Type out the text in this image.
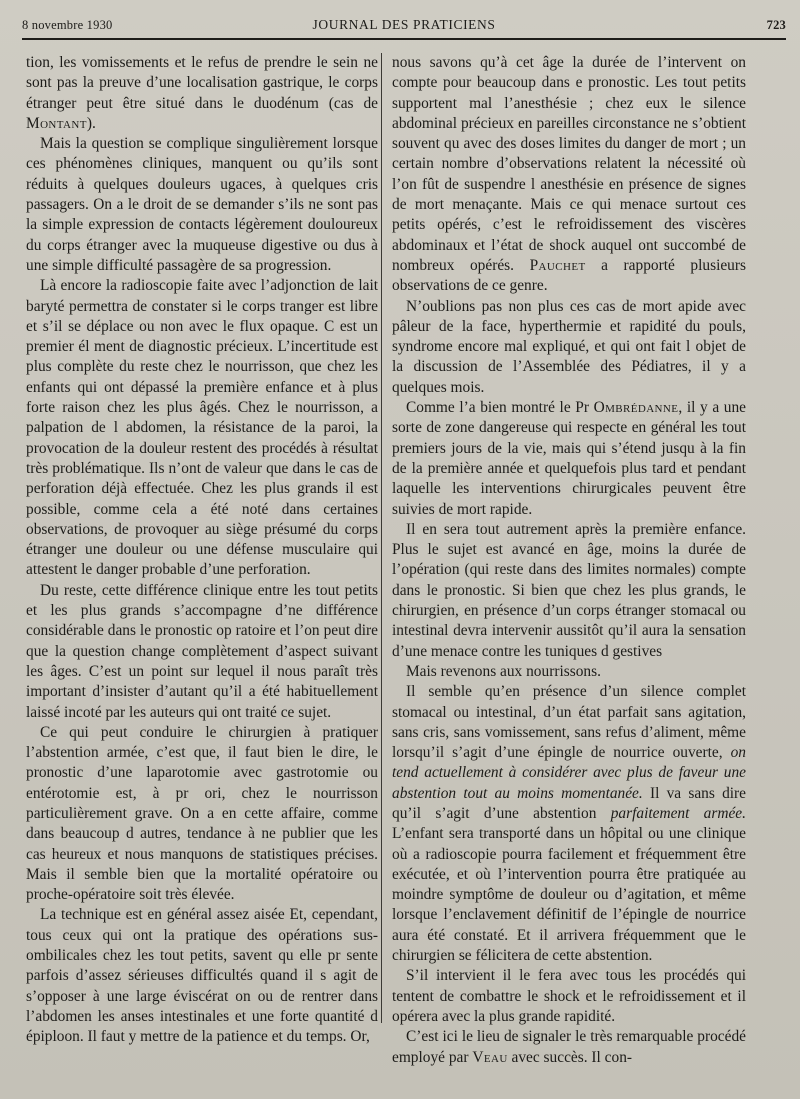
8 novembre 1930	JOURNAL DES PRATICIENS	723

tion, les vomissements et le refus de prendre le sein ne sont pas la preuve d’une localisation gastrique, le corps étranger peut être situé dans le duodénum (cas de Montant).

Mais la question se complique singulièrement lorsque ces phénomènes cliniques, manquent ou qu’ils sont réduits à quelques douleurs ugaces, à quelques cris passagers. On a le droit de se demander s’ils ne sont pas la simple expression de contacts légèrement douloureux du corps étranger avec la muqueuse digestive ou dus à une simple difficulté passagère de sa progression.

Là encore la radioscopie faite avec l’adjonction de lait baryté permettra de constater si le corps tranger est libre et s’il se déplace ou non avec le flux opaque. C est un premier él ment de diagnostic précieux. L’incertitude est plus complète du reste chez le nourrisson, que chez les enfants qui ont dépassé la première enfance et à plus forte raison chez les plus âgés. Chez le nourrisson, a palpation de l abdomen, la résistance de la paroi, la provocation de la douleur restent des procédés à résultat très problématique. Ils n’ont de valeur que dans le cas de perforation déjà effectuée. Chez les plus grands il est possible, comme cela a été noté dans certaines observations, de provoquer au siège présumé du corps étranger une douleur ou une défense musculaire qui attestent le danger probable d’une perforation.

Du reste, cette différence clinique entre les tout petits et les plus grands s’accompagne d’ne différence considérable dans le pronostic op ratoire et l’on peut dire que la question change complètement d’aspect suivant les âges. C’est un point sur lequel il nous paraît très important d’insister d’autant qu’il a été habituellement laissé incoté par les auteurs qui ont traité ce sujet.

Ce qui peut conduire le chirurgien à pratiquer l’abstention armée, c’est que, il faut bien le dire, le pronostic d’une laparotomie avec gastrotomie ou entérotomie est, à pr ori, chez le nourrisson particulièrement grave. On a en cette affaire, comme dans beaucoup d autres, tendance à ne publier que les cas heureux et nous manquons de statistiques précises. Mais il semble bien que la mortalité opératoire ou proche-opératoire soit très élevée.

La technique est en général assez aisée Et, cependant, tous ceux qui ont la pratique des opérations sus-ombilicales chez les tout petits, savent qu elle pr sente parfois d’assez sérieuses difficultés quand il s agit de s’opposer à une large éviscérat on ou de rentrer dans l’abdomen les anses intestinales et une forte quantité d épiploon. Il faut y mettre de la patience et du temps. Or,

nous savons qu’à cet âge la durée de l’intervent on compte pour beaucoup dans e pronostic. Les tout petits supportent mal l’anesthésie ; chez eux le silence abdominal précieux en pareilles circonstance ne s’obtient souvent qu avec des doses limites du danger de mort ; un certain nombre d’observations relatent la nécessité où l’on fût de suspendre l anesthésie en présence de signes de mort menaçante. Mais ce qui menace surtout ces petits opérés, c’est le refroidissement des viscères abdominaux et l’état de shock auquel ont succombé de nombreux opérés. Pauchet a rapporté plusieurs observations de ce genre.

N’oublions pas non plus ces cas de mort apide avec pâleur de la face, hyperthermie et rapidité du pouls, syndrome encore mal expliqué, et qui ont fait l objet de la discussion de l’Assemblée des Pédiatres, il y a quelques mois.

Comme l’a bien montré le Pr Ombrédanne, il y a une sorte de zone dangereuse qui respecte en général les tout premiers jours de la vie, mais qui s’étend jusqu à la fin de la première année et quelquefois plus tard et pendant laquelle les interventions chirurgicales peuvent être suivies de mort rapide.

Il en sera tout autrement après la première enfance. Plus le sujet est avancé en âge, moins la durée de l’opération (qui reste dans des limites normales) compte dans le pronostic. Si bien que chez les plus grands, le chirurgien, en présence d’un corps étranger stomacal ou intestinal devra intervenir aussitôt qu’il aura la sensation d’une menace contre les tuniques d gestives

Mais revenons aux nourrissons.

Il semble qu’en présence d’un silence complet stomacal ou intestinal, d’un état parfait sans agitation, sans cris, sans vomissement, sans refus d’aliment, même lorsqu’il s’agit d’une épingle de nourrice ouverte, on tend actuellement à considérer avec plus de faveur une abstention tout au moins momentanée. Il va sans dire qu’il s’agit d’une abstention parfaitement armée. L’enfant sera transporté dans un hôpital ou une clinique où a radioscopie pourra facilement et fréquemment être exécutée, et où l’intervention pourra être pratiquée au moindre symptôme de douleur ou d’agitation, et même lorsque l’enclavement définitif de l’épingle de nourrice aura été constaté. Et il arrivera fréquemment que le chirurgien se félicitera de cette abstention.

S’il intervient il le fera avec tous les procédés qui tentent de combattre le shock et le refroidissement et il opérera avec la plus grande rapidité.

C’est ici le lieu de signaler le très remarquable procédé employé par Veau avec succès. Il con-
